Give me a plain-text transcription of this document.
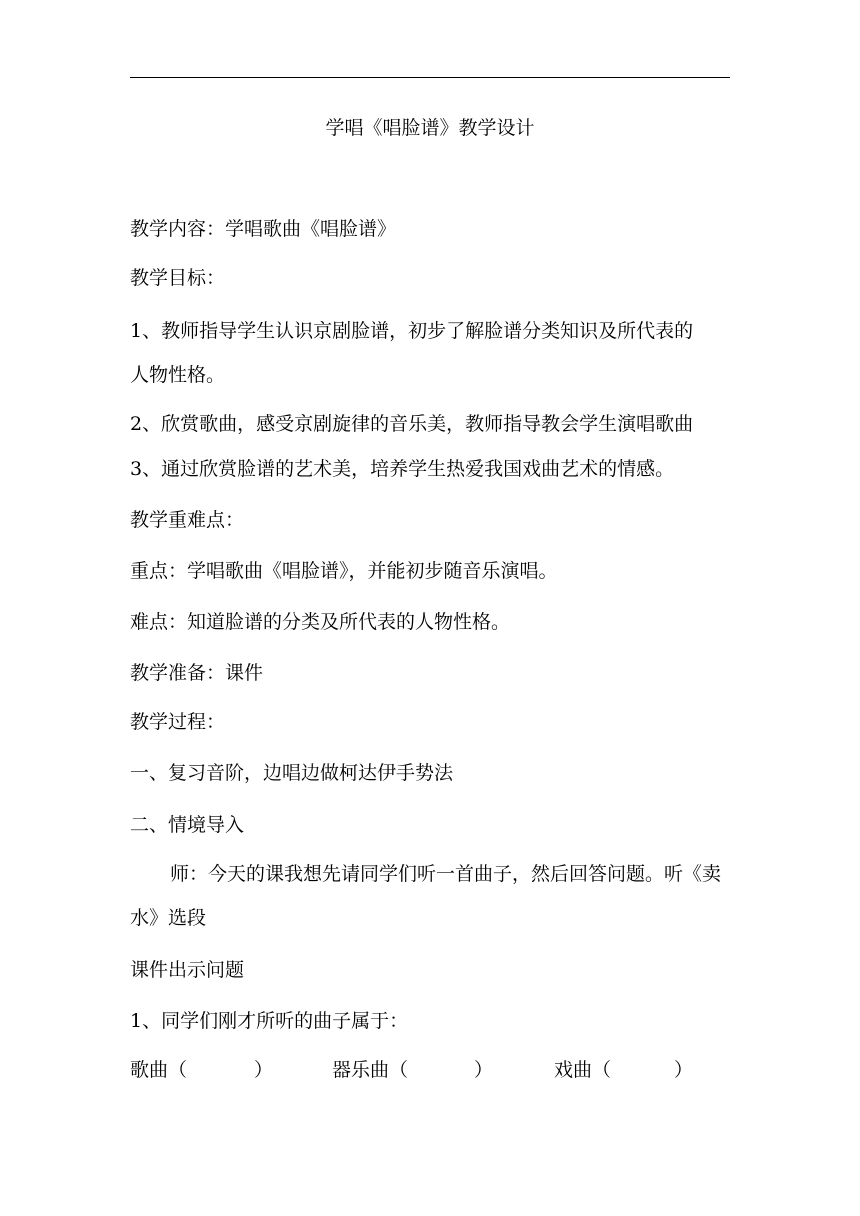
学唱《唱脸谱》教学设计
教学内容：学唱歌曲《唱脸谱》
教学目标：
1、教师指导学生认识京剧脸谱，初步了解脸谱分类知识及所代表的
人物性格。
2、欣赏歌曲，感受京剧旋律的音乐美，教师指导教会学生演唱歌曲
3、通过欣赏脸谱的艺术美，培养学生热爱我国戏曲艺术的情感。
教学重难点：
重点：学唱歌曲《唱脸谱》，并能初步随音乐演唱。
难点：知道脸谱的分类及所代表的人物性格。
教学准备：课件
教学过程：
一、复习音阶，边唱边做柯达伊手势法
二、情境导入
师：今天的课我想先请同学们听一首曲子，然后回答问题。听《卖
水》选段
课件出示问题
1、同学们刚才所听的曲子属于：
歌曲（	）	器乐曲（	）	戏曲（	）
